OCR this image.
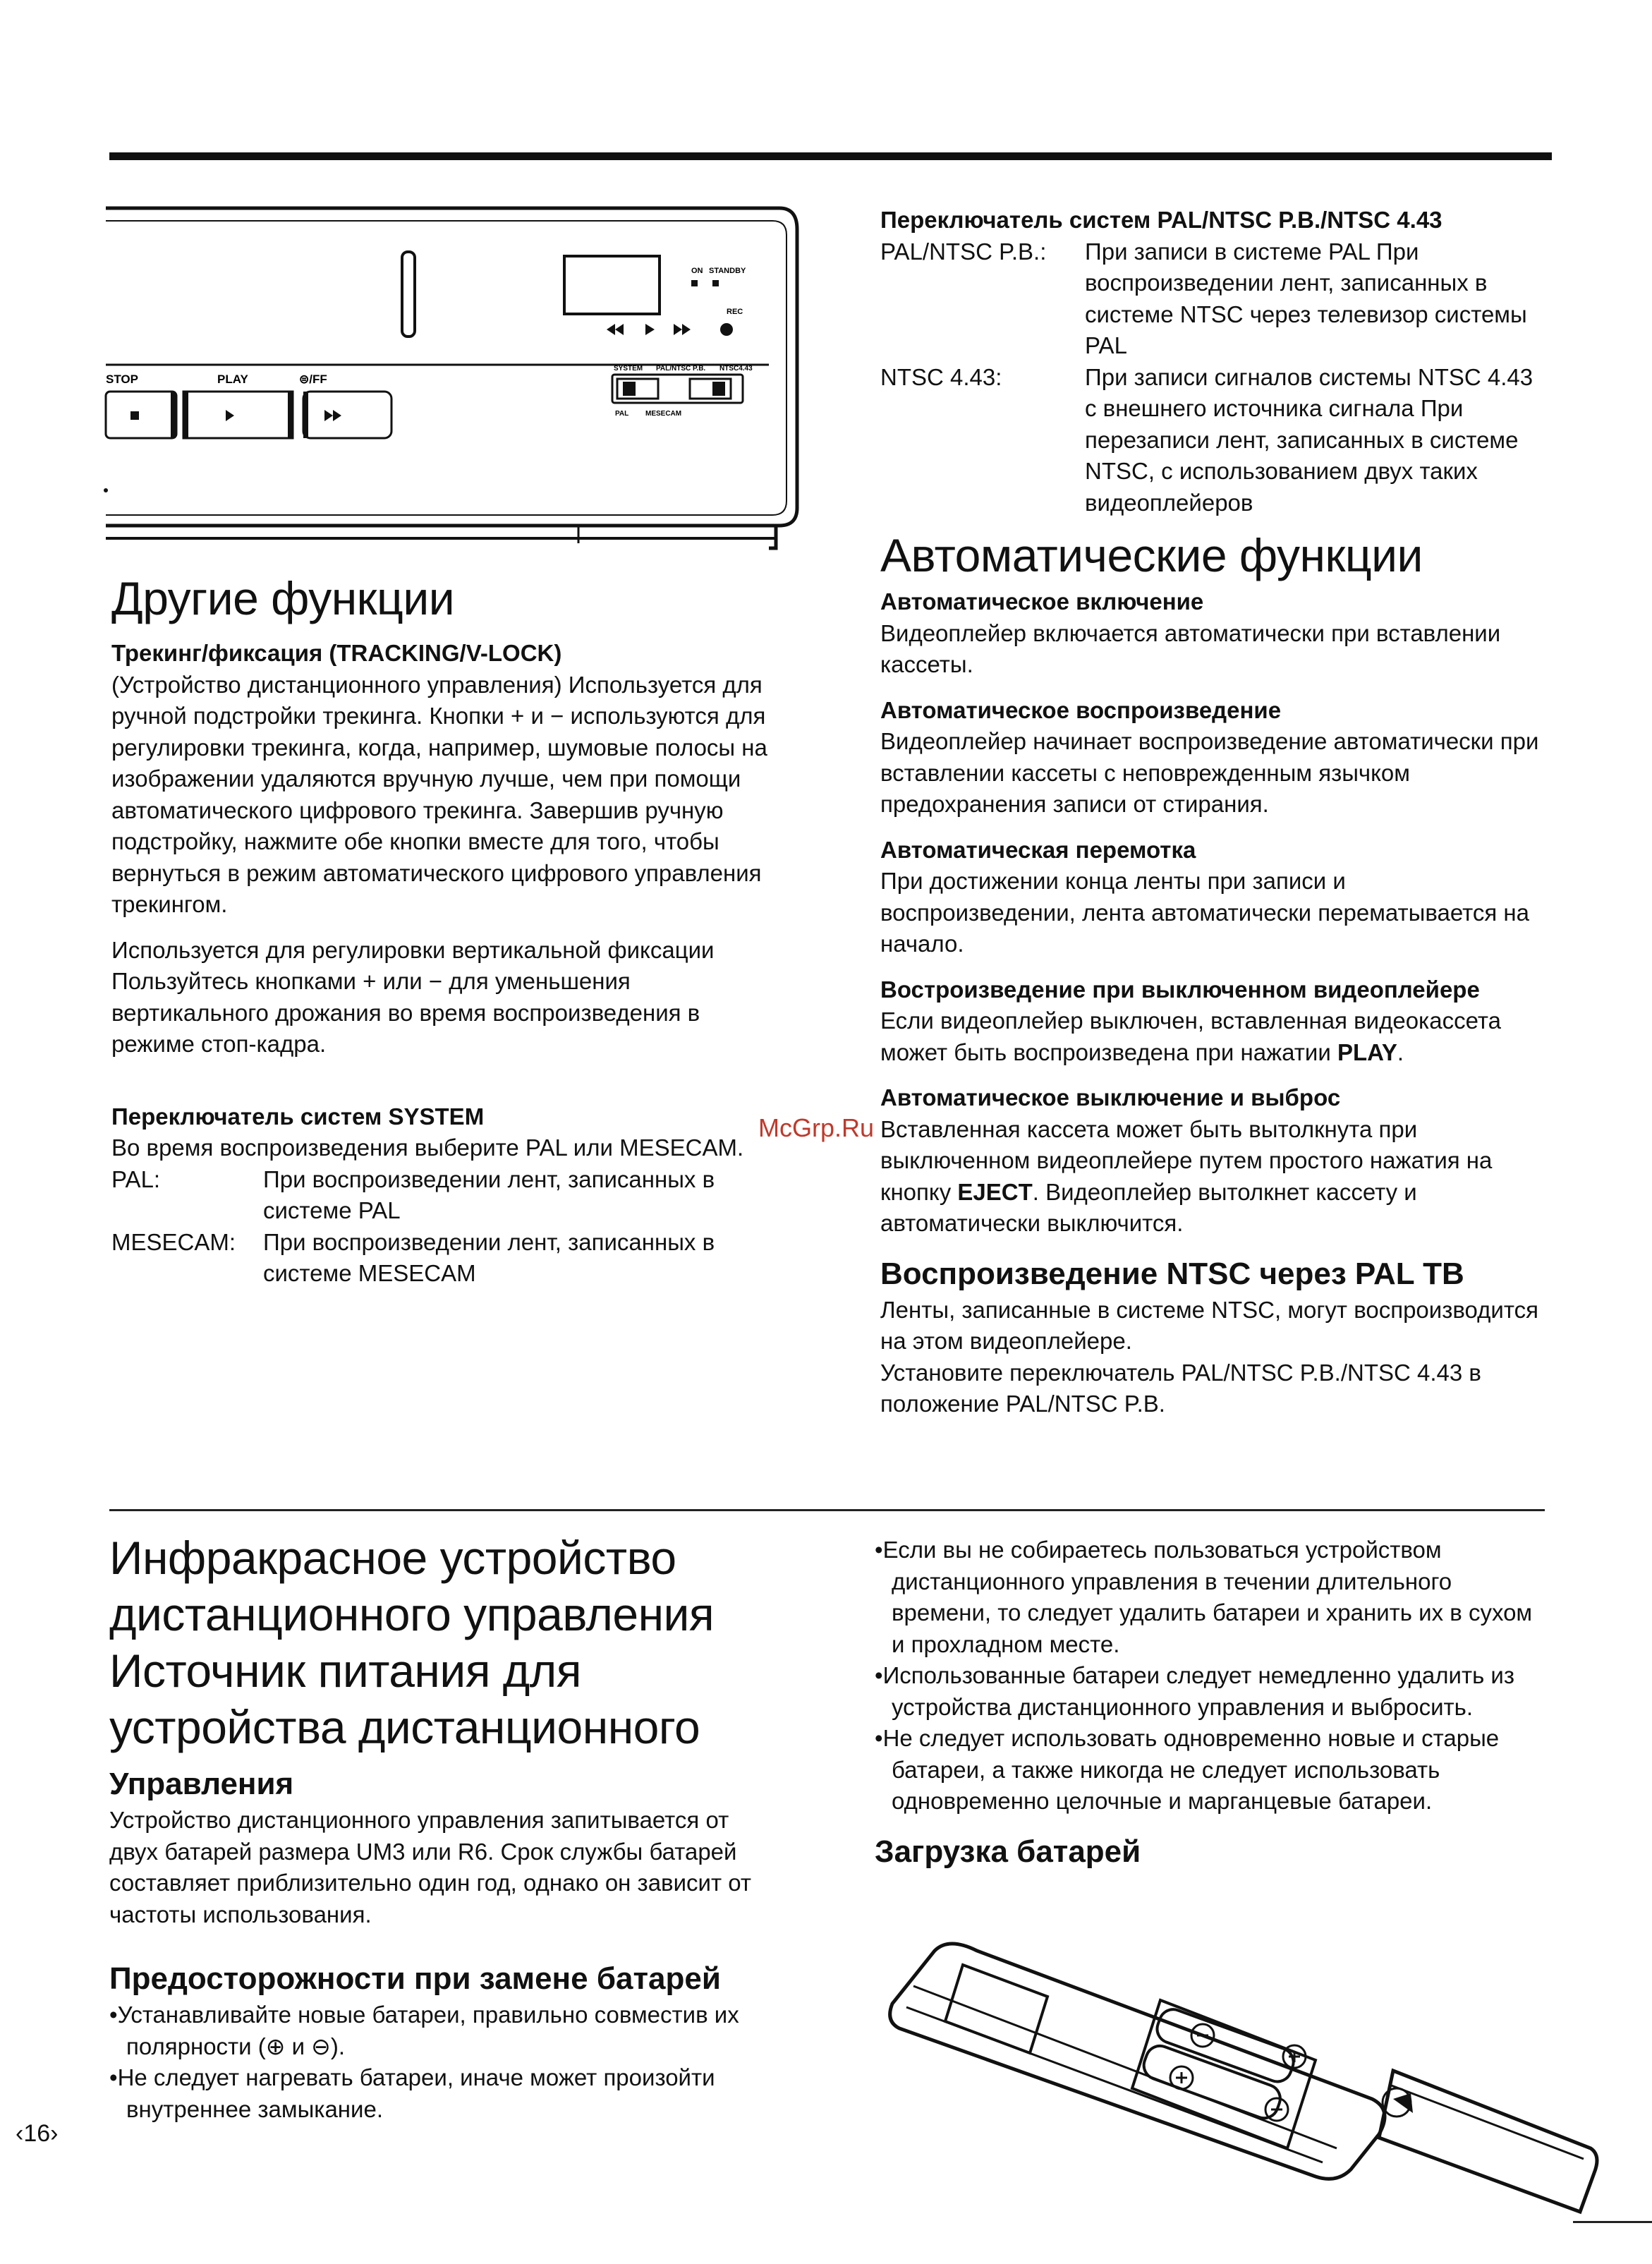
ON STANDBY
REC
STOP	PLAY	⊜/FF
SYSTEM PAL/NTSC P.B. NTSC4.43
PAL MESECAM

Другие функции

Трекинг/фиксация (TRACKING/V-LOCK)

(Устройство дистанционного управления) Используется для ручной подстройки трекинга. Кнопки + и − используются для регулировки трекинга, когда, например, шумовые полосы на изображении удаляются вручную лучше, чем при помощи автоматического цифрового трекинга. Завершив ручную подстройку, нажмите обе кнопки вместе для того, чтобы вернуться в режим автоматического цифрового управления трекингом.

Используется для регулировки вертикальной фиксации

Пользуйтесь кнопками + или − для уменьшения вертикального дрожания во время воспроизведения в режиме стоп-кадра.

Переключатель систем SYSTEM

Во время воспроизведения выберите PAL или MESECAM.

PAL:	При воспроизведении лент, записанных в системе PAL
MESECAM:	При воспроизведении лент, записанных в системе MESECAM

Переключатель систем PAL/NTSC P.B./NTSC 4.43

PAL/NTSC P.B.:	При записи в системе PAL При воспроизведении лент, записанных в системе NTSC через телевизор системы PAL
NTSC 4.43:	При записи сигналов системы NTSC 4.43 с внешнего источника сигнала При перезаписи лент, записанных в системе NTSC, с использованием двух таких видеоплейеров

Автоматические функции

Автоматическое включение

Видеоплейер включается автоматически при вставлении кассеты.

Автоматическое воспроизведение

Видеоплейер начинает воспроизведение автоматически при вставлении кассеты с неповрежденным язычком предохранения записи от стирания.

Автоматическая перемотка

При достижении конца ленты при записи и воспроизведении, лента автоматически перематывается на начало.

Вострoизведение при выключенном видеоплейере

Если видеоплейер выключен, вставленная видеокассета может быть воспроизведена при нажатии PLAY.

Автоматическое выключение и выброс

Вставленная кассета может быть вытолкнута при выключенном видеоплейере путем простого нажатия на кнопку EJECT. Видеоплейер вытолкнет кассету и автоматически выключится.

Воспроизведение NTSC через PAL ТВ

Ленты, записанные в системе NTSC, могут воспроизводится на этом видеоплейере.

Установите переключатель PAL/NTSC P.B./NTSC 4.43 в положение PAL/NTSC P.B.

Инфракрасное устройство

дистанционного управления

Источник питания для

устройства дистанционного

Управления

Устройство дистанционного управления запитывается от двух батарей размера UM3 или R6. Срок службы батарей составляет приблизительно один год, однако он зависит от частоты использования.

Предосторожности при замене батарей

•Устанавливайте новые батареи, правильно совместив их полярности (⊕ и ⊖).

•Не следует нагревать батареи, иначе может произойти внутреннее замыкание.

•Если вы не собираетесь пользоваться устройством дистанционного управления в течении длительного времени, то следует удалить батареи и хранить их в сухом и прохладном месте.

•Использованные батареи следует немедленно удалить из устройства дистанционного управления и выбросить.

•Не следует использовать одновременно новые и старые батареи, а также никогда не следует использовать одновременно целочные и марганцевые батареи.

Загрузка батарей

McGrp.Ru
‹16›
